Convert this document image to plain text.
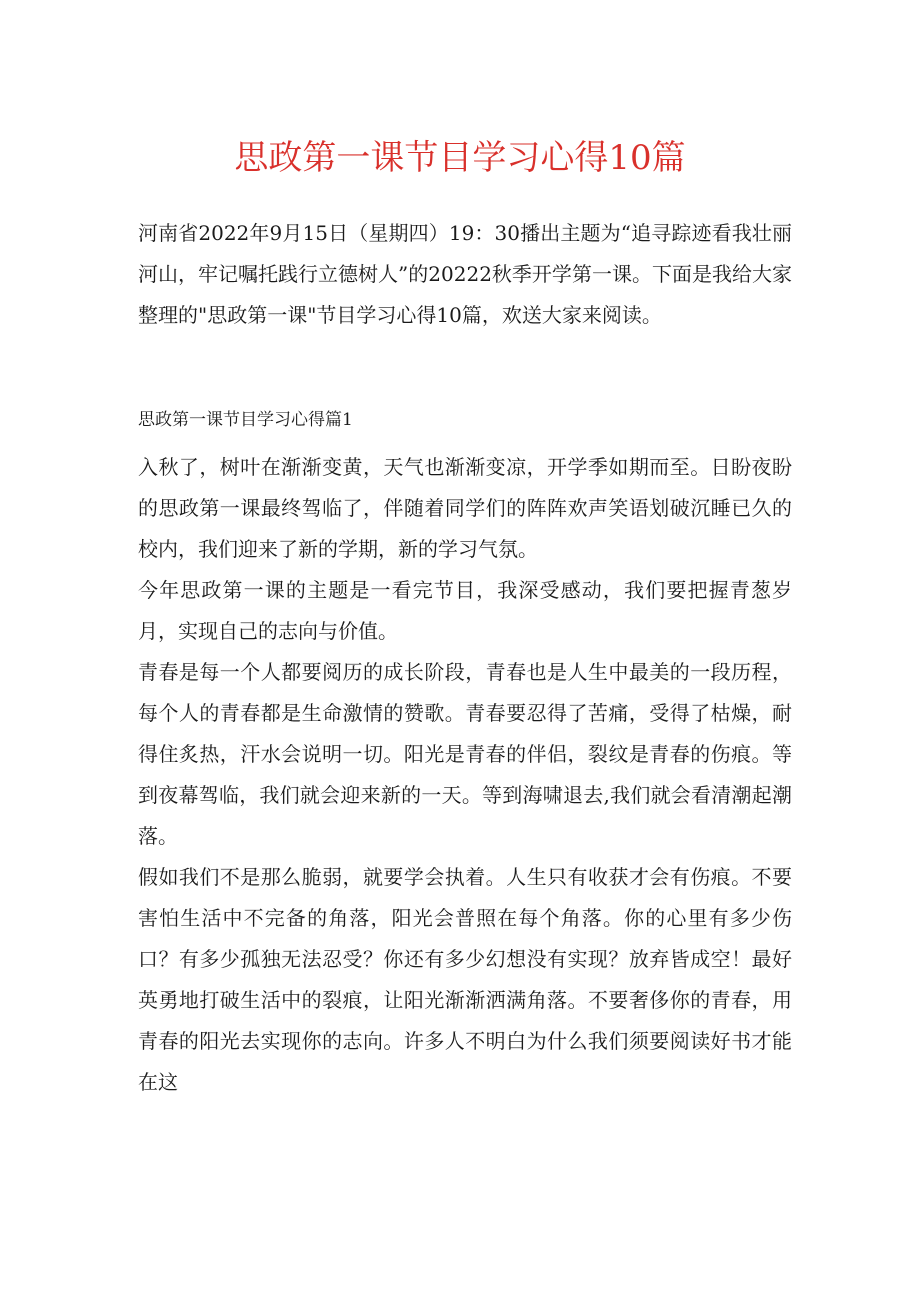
思政第一课节目学习心得10篇

河南省2022年9月15日（星期四）19：30播出主题为“追寻踪迹看我壮丽河山，牢记嘱托践行立德树人”的20222秋季开学第一课。下面是我给大家整理的"思政第一课"节目学习心得10篇，欢送大家来阅读。

思政第一课节目学习心得篇1

入秋了，树叶在渐渐变黄，天气也渐渐变凉，开学季如期而至。日盼夜盼的思政第一课最终驾临了，伴随着同学们的阵阵欢声笑语划破沉睡已久的校内，我们迎来了新的学期，新的学习气氛。

今年思政第一课的主题是一看完节目，我深受感动，我们要把握青葱岁月，实现自己的志向与价值。

青春是每一个人都要阅历的成长阶段，青春也是人生中最美的一段历程，每个人的青春都是生命激情的赞歌。青春要忍得了苦痛，受得了枯燥，耐得住炙热，汗水会说明一切。阳光是青春的伴侣，裂纹是青春的伤痕。等到夜幕驾临，我们就会迎来新的一天。等到海啸退去,我们就会看清潮起潮落。

假如我们不是那么脆弱，就要学会执着。人生只有收获才会有伤痕。不要害怕生活中不完备的角落，阳光会普照在每个角落。你的心里有多少伤口？有多少孤独无法忍受？你还有多少幻想没有实现？放弃皆成空！最好英勇地打破生活中的裂痕，让阳光渐渐洒满角落。不要奢侈你的青春，用青春的阳光去实现你的志向。许多人不明白为什么我们须要阅读好书才能在这
